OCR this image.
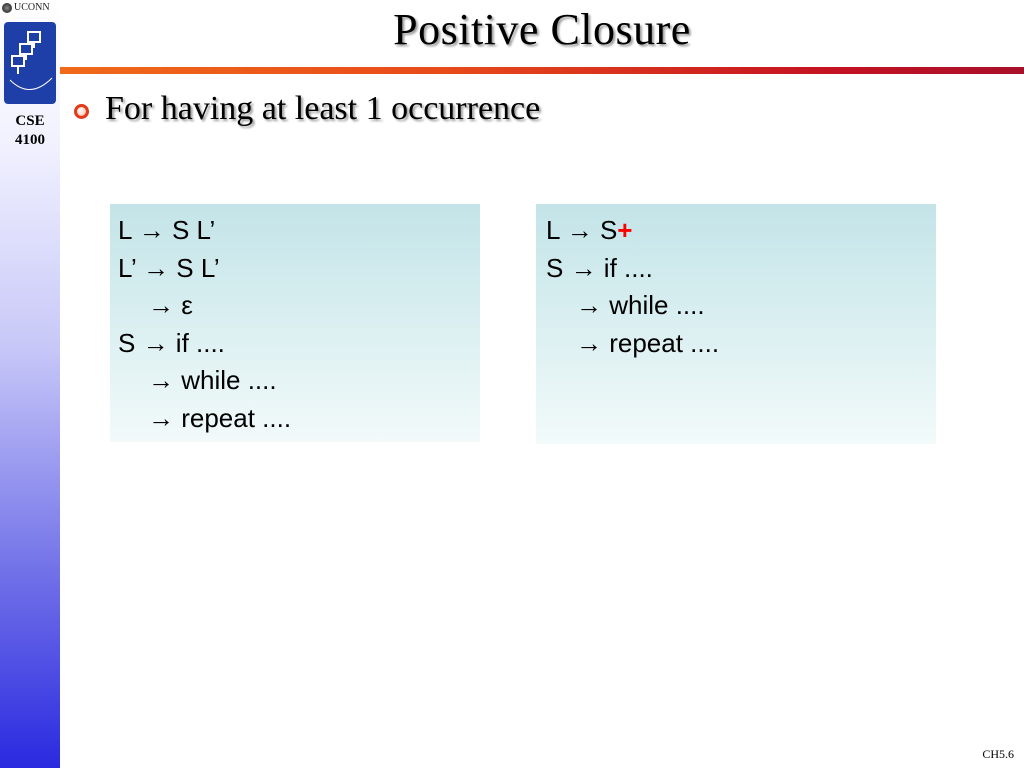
UCONN
CSE
4100
Positive Closure
For having at least 1 occurrence
L → S L’
L’ → S L’
→ ε
S → if ....
→ while ....
→ repeat ....
L → S+
S → if ....
→ while ....
→ repeat ....
CH5.6
